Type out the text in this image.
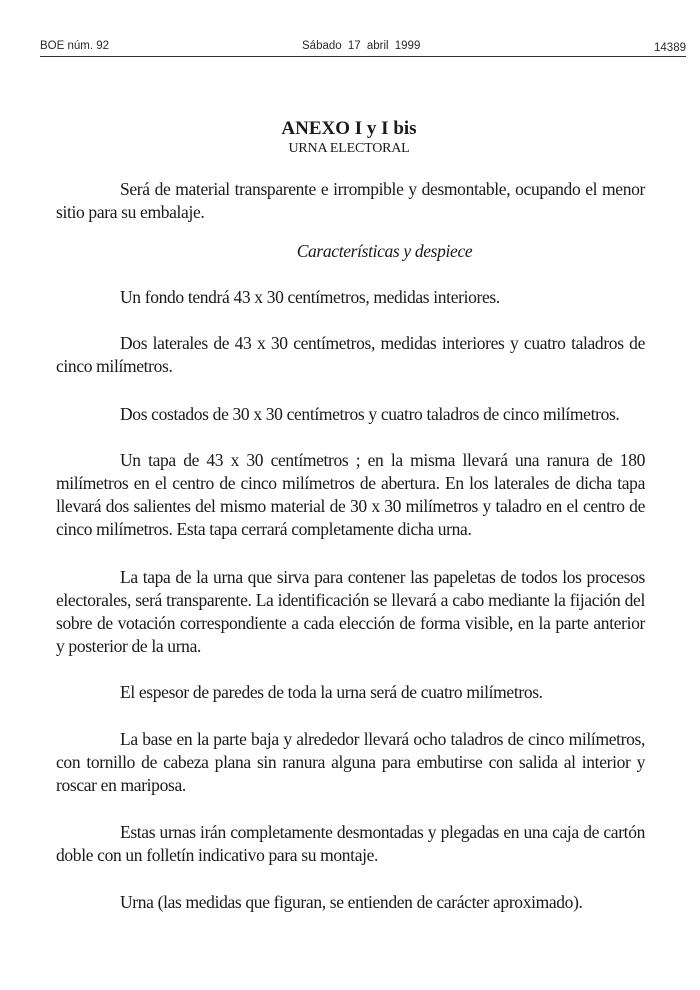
BOE núm. 92	Sábado 17 abril 1999	14389
ANEXO I y I bis
URNA ELECTORAL

Será de material transparente e irrompible y desmontable, ocupando el menor sitio para su embalaje.

Características y despiece

Un fondo tendrá 43 x 30 centímetros, medidas interiores.

Dos laterales de 43 x 30 centímetros, medidas interiores y cuatro taladros de cinco milímetros.

Dos costados de 30 x 30 centímetros y cuatro taladros de cinco milímetros.

Un tapa de 43 x 30 centímetros ; en la misma llevará una ranura de 180 milímetros en el centro de cinco milímetros de abertura. En los laterales de dicha tapa llevará dos salientes del mismo material de 30 x 30 milímetros y taladro en el centro de cinco milímetros. Esta tapa cerrará completamente dicha urna.

La tapa de la urna que sirva para contener las papeletas de todos los procesos electorales, será transparente. La identificación se llevará a cabo mediante la fijación del sobre de votación correspondiente a cada elección de forma visible, en la parte anterior y posterior de la urna.

El espesor de paredes de toda la urna será de cuatro milímetros.

La base en la parte baja y alrededor llevará ocho taladros de cinco milímetros, con tornillo de cabeza plana sin ranura alguna para embutirse con salida al interior y roscar en mariposa.

Estas urnas irán completamente desmontadas y plegadas en una caja de cartón doble con un folletín indicativo para su montaje.

Urna (las medidas que figuran, se entienden de carácter aproximado).
